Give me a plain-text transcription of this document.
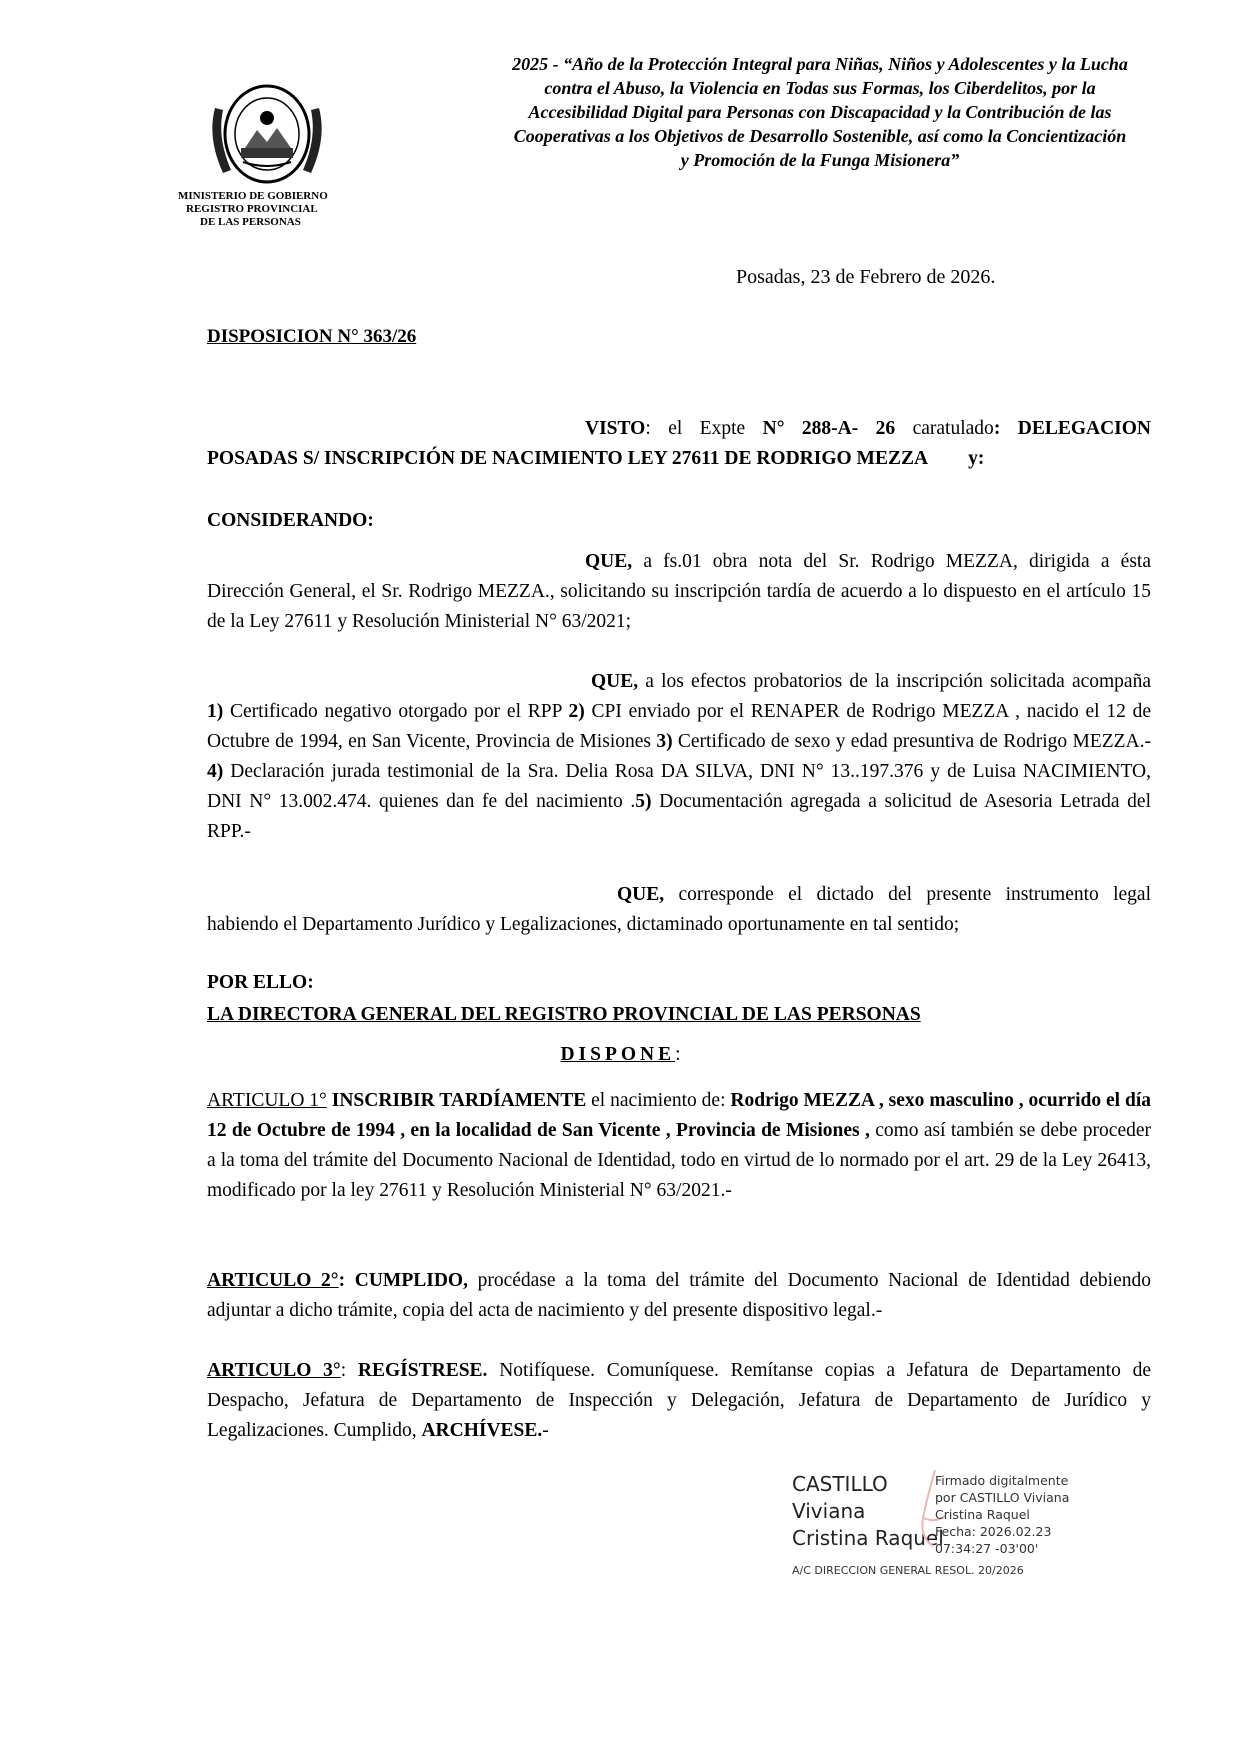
MINISTERIO DE GOBIERNO
REGISTRO PROVINCIAL
DE LAS PERSONAS
2025 - “Año de la Protección Integral para Niñas, Niños y Adolescentes y la Lucha
contra el Abuso, la Violencia en Todas sus Formas, los Ciberdelitos, por la
Accesibilidad Digital para Personas con Discapacidad y la Contribución de las
Cooperativas a los Objetivos de Desarrollo Sostenible, así como la Concientización
y Promoción de la Funga Misionera”
Posadas, 23 de Febrero de 2026.
DISPOSICION N° 363/26
VISTO: el Expte N° 288-A- 26 caratulado: DELEGACION POSADAS S/ INSCRIPCIÓN DE NACIMIENTO LEY 27611 DE RODRIGO MEZZA y:
CONSIDERANDO:
QUE, a fs.01 obra nota del Sr. Rodrigo MEZZA, dirigida a ésta Dirección General, el Sr. Rodrigo MEZZA., solicitando su inscripción tardía de acuerdo a lo dispuesto en el artículo 15 de la Ley 27611 y Resolución Ministerial N° 63/2021;
QUE, a los efectos probatorios de la inscripción solicitada acompaña 1) Certificado negativo otorgado por el RPP 2) CPI enviado por el RENAPER de Rodrigo MEZZA , nacido el 12 de Octubre de 1994, en San Vicente, Provincia de Misiones 3) Certificado de sexo y edad presuntiva de Rodrigo MEZZA.- 4) Declaración jurada testimonial de la Sra. Delia Rosa DA SILVA, DNI N° 13..197.376 y de Luisa NACIMIENTO, DNI N° 13.002.474. quienes dan fe del nacimiento .5) Documentación agregada a solicitud de Asesoria Letrada del RPP.-
QUE, corresponde el dictado del presente instrumento legal habiendo el Departamento Jurídico y Legalizaciones, dictaminado oportunamente en tal sentido;
POR ELLO:
LA DIRECTORA GENERAL DEL REGISTRO PROVINCIAL DE LAS PERSONAS
DISPONE:
ARTICULO 1° INSCRIBIR TARDÍAMENTE el nacimiento de: Rodrigo MEZZA , sexo masculino , ocurrido el día 12 de Octubre de 1994 , en la localidad de San Vicente , Provincia de Misiones , como así también se debe proceder a la toma del trámite del Documento Nacional de Identidad, todo en virtud de lo normado por el art. 29 de la Ley 26413, modificado por la ley 27611 y Resolución Ministerial N° 63/2021.-
ARTICULO 2°: CUMPLIDO, procédase a la toma del trámite del Documento Nacional de Identidad debiendo adjuntar a dicho trámite, copia del acta de nacimiento y del presente dispositivo legal.-
ARTICULO 3°: REGÍSTRESE. Notifíquese. Comuníquese. Remítanse copias a Jefatura de Departamento de Despacho, Jefatura de Departamento de Inspección y Delegación, Jefatura de Departamento de Jurídico y Legalizaciones. Cumplido, ARCHÍVESE.-
CASTILLO
Viviana
Cristina Raquel
Firmado digitalmente
por CASTILLO Viviana
Cristina Raquel
Fecha: 2026.02.23
07:34:27 -03'00'
A/C DIRECCION GENERAL RESOL. 20/2026
